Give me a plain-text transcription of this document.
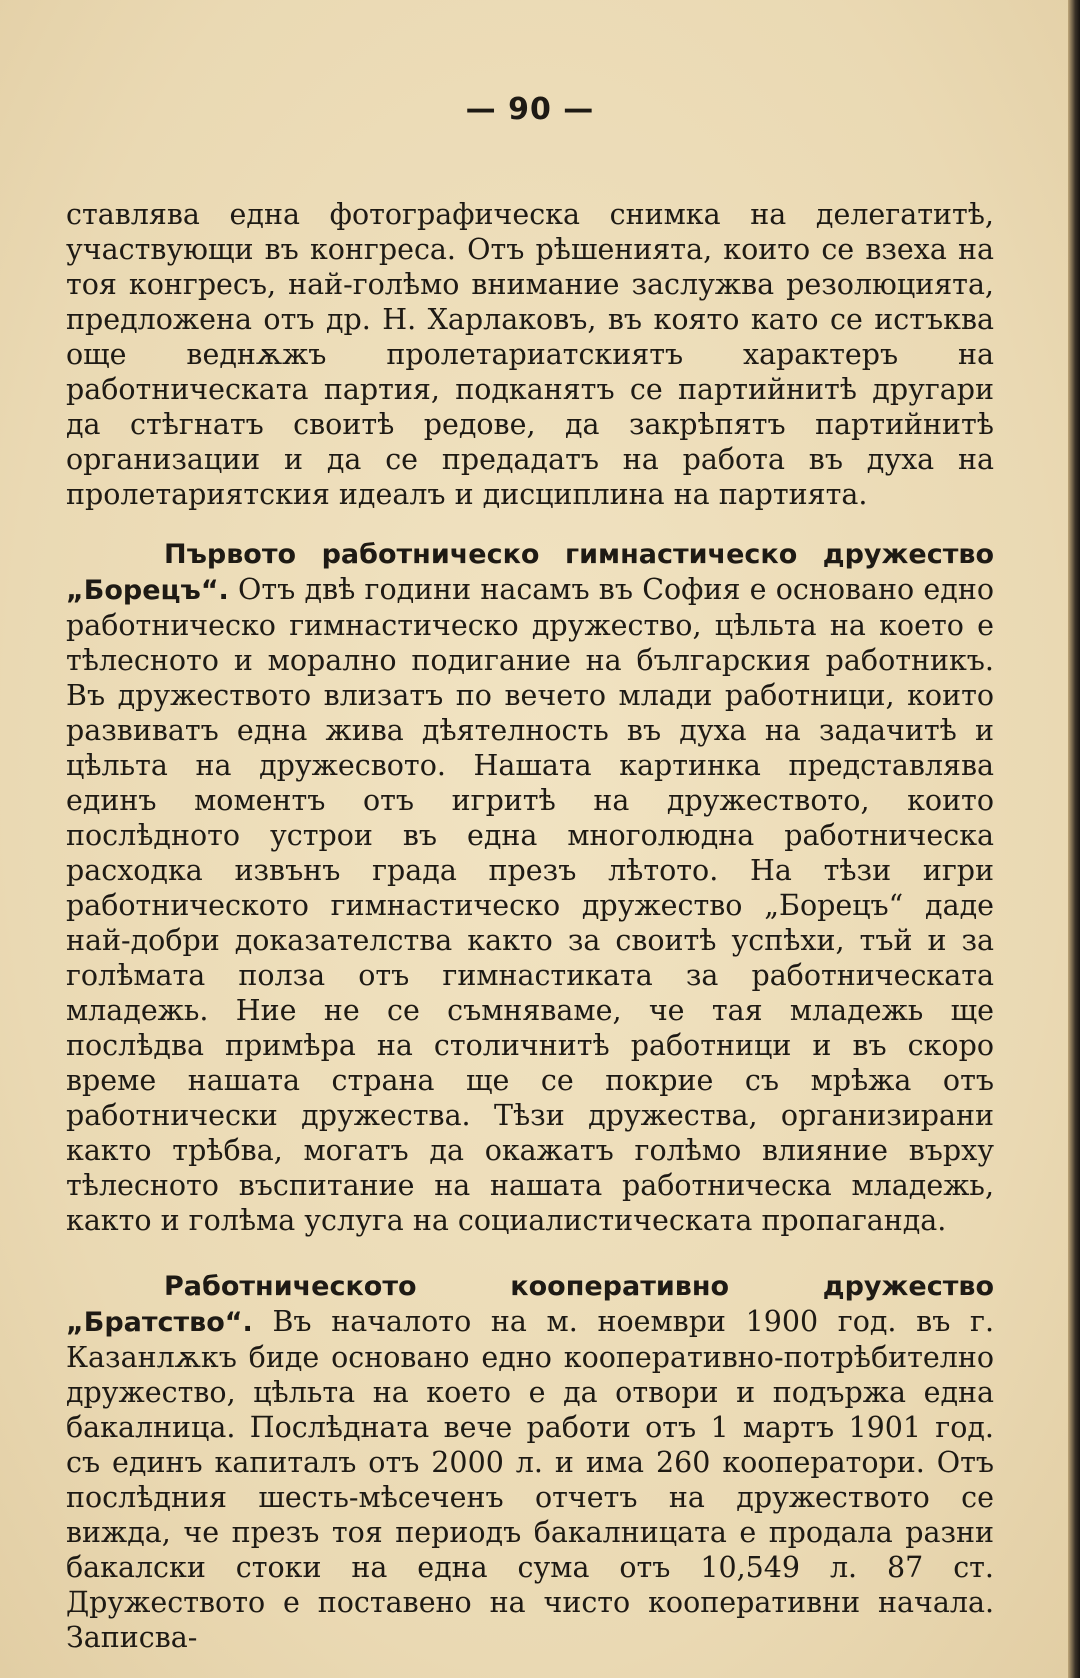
— 90 —

ставлява една фотографическа снимка на делегатитѣ, участвующи въ конгреса. Отъ рѣшенията, които се взеха на тоя конгресъ, най-голѣмо внимание заслужва резолюцията, предложена отъ др. Н. Харлаковъ, въ която като се истъква още веднѫжъ пролетариатскиятъ характеръ на работническата партия, подканятъ се партийнитѣ другари да стѣгнатъ своитѣ редове, да закрѣпятъ партийнитѣ организации и да се предадатъ на работа въ духа на пролетариятския идеалъ и дисциплина на партията.

Първото работническо гимнастическо дружество „Борецъ“. Отъ двѣ години насамъ въ София е основано едно работническо гимнастическо дружество, цѣльта на което е тѣлесното и морално подигание на българския работникъ. Въ дружеството влизатъ по вечето млади работници, които развиватъ една жива дѣятелность въ духа на задачитѣ и цѣльта на дружесвото. Нашата картинка представлява единъ моментъ отъ игритѣ на дружеството, които послѣдното устрои въ една многолюдна работническа расходка извънъ града презъ лѣтото. На тѣзи игри работническото гимнастическо дружество „Борецъ“ даде най-добри доказателства както за своитѣ успѣхи, тъй и за голѣмата полза отъ гимнастиката за работническата младежь. Ние не се съмняваме, че тая младежь ще послѣдва примѣра на столичнитѣ работници и въ скоро време нашата страна ще се покрие съ мрѣжа отъ работнически дружества. Тѣзи дружества, организирани както трѣбва, могатъ да окажатъ голѣмо влияние върху тѣлесното въспитание на нашата работническа младежь, както и голѣма услуга на социалистическата пропаганда.

Работническото кооперативно дружество „Братство“. Въ началото на м. ноември 1900 год. въ г. Казанлѫкъ биде основано едно кооперативно-потрѣбително дружество, цѣльта на което е да отвори и подържа една бакалница. Послѣдната вече работи отъ 1 мартъ 1901 год. съ единъ капиталъ отъ 2000 л. и има 260 кооператори. Отъ послѣдния шесть-мѣсеченъ отчетъ на дружеството се вижда, че презъ тоя периодъ бакалницата е продала разни бакалски стоки на една сума отъ 10,549 л. 87 ст. Дружеството е поставено на чисто кооперативни начала. Записва-
